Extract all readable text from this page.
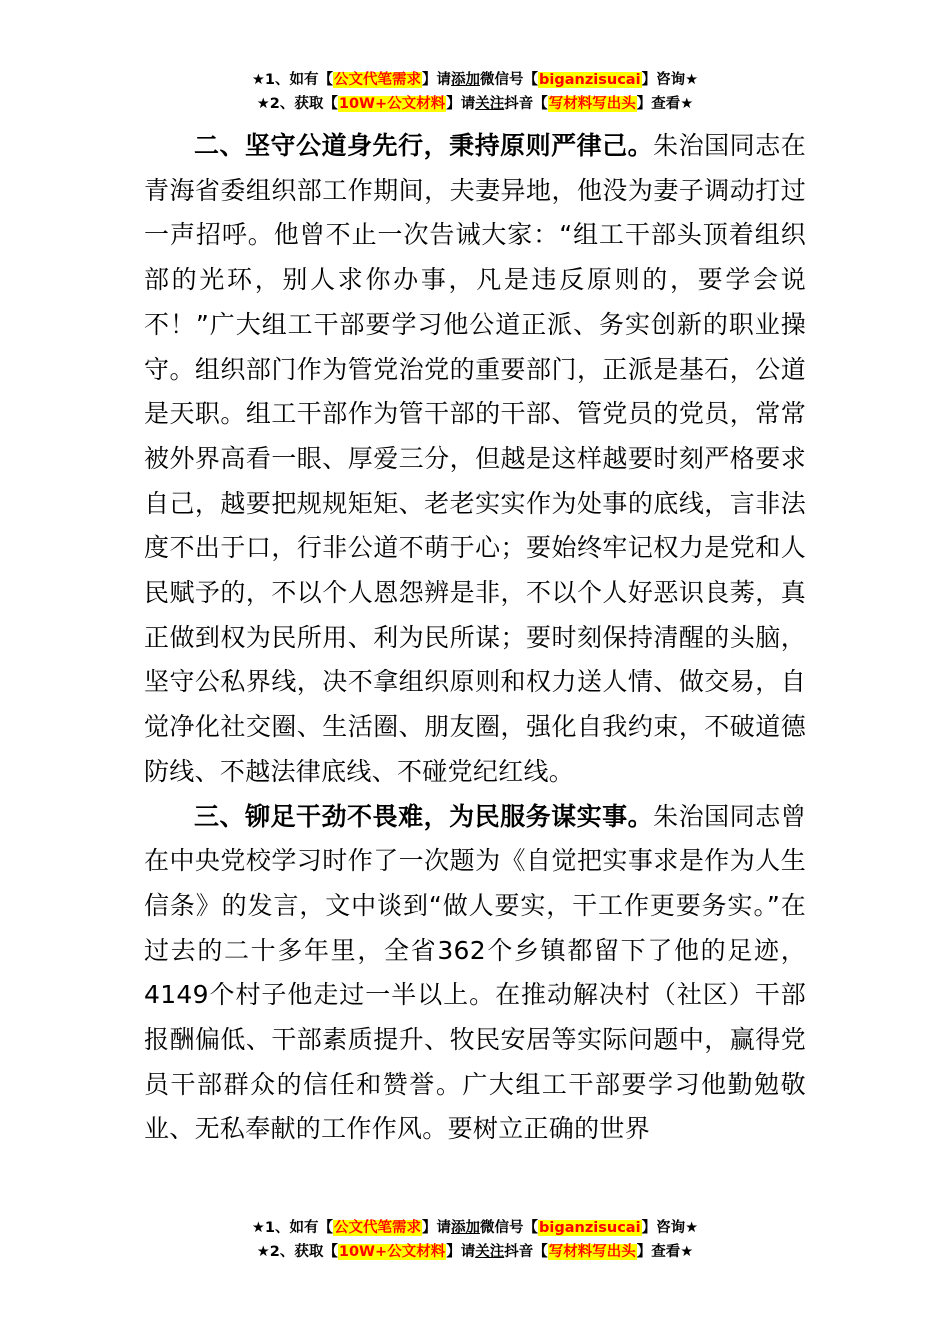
★1、如有【公文代笔需求】请添加微信号【biganzisucai】咨询★
★2、获取【10W+公文材料】请关注抖音【写材料写出头】查看★

二、坚守公道身先行，秉持原则严律己。朱治国同志在青海省委组织部工作期间，夫妻异地，他没为妻子调动打过一声招呼。他曾不止一次告诫大家：“组工干部头顶着组织部的光环，别人求你办事，凡是违反原则的，要学会说不！”广大组工干部要学习他公道正派、务实创新的职业操守。组织部门作为管党治党的重要部门，正派是基石，公道是天职。组工干部作为管干部的干部、管党员的党员，常常被外界高看一眼、厚爱三分，但越是这样越要时刻严格要求自己，越要把规规矩矩、老老实实作为处事的底线，言非法度不出于口，行非公道不萌于心；要始终牢记权力是党和人民赋予的，不以个人恩怨辨是非，不以个人好恶识良莠，真正做到权为民所用、利为民所谋；要时刻保持清醒的头脑，坚守公私界线，决不拿组织原则和权力送人情、做交易，自觉净化社交圈、生活圈、朋友圈，强化自我约束，不破道德防线、不越法律底线、不碰党纪红线。

三、铆足干劲不畏难，为民服务谋实事。朱治国同志曾在中央党校学习时作了一次题为《自觉把实事求是作为人生信条》的发言，文中谈到“做人要实，干工作更要务实。”在过去的二十多年里，全省362个乡镇都留下了他的足迹，4149个村子他走过一半以上。在推动解决村（社区）干部报酬偏低、干部素质提升、牧民安居等实际问题中，赢得党员干部群众的信任和赞誉。广大组工干部要学习他勤勉敬业、无私奉献的工作作风。要树立正确的世界

★1、如有【公文代笔需求】请添加微信号【biganzisucai】咨询★
★2、获取【10W+公文材料】请关注抖音【写材料写出头】查看★
